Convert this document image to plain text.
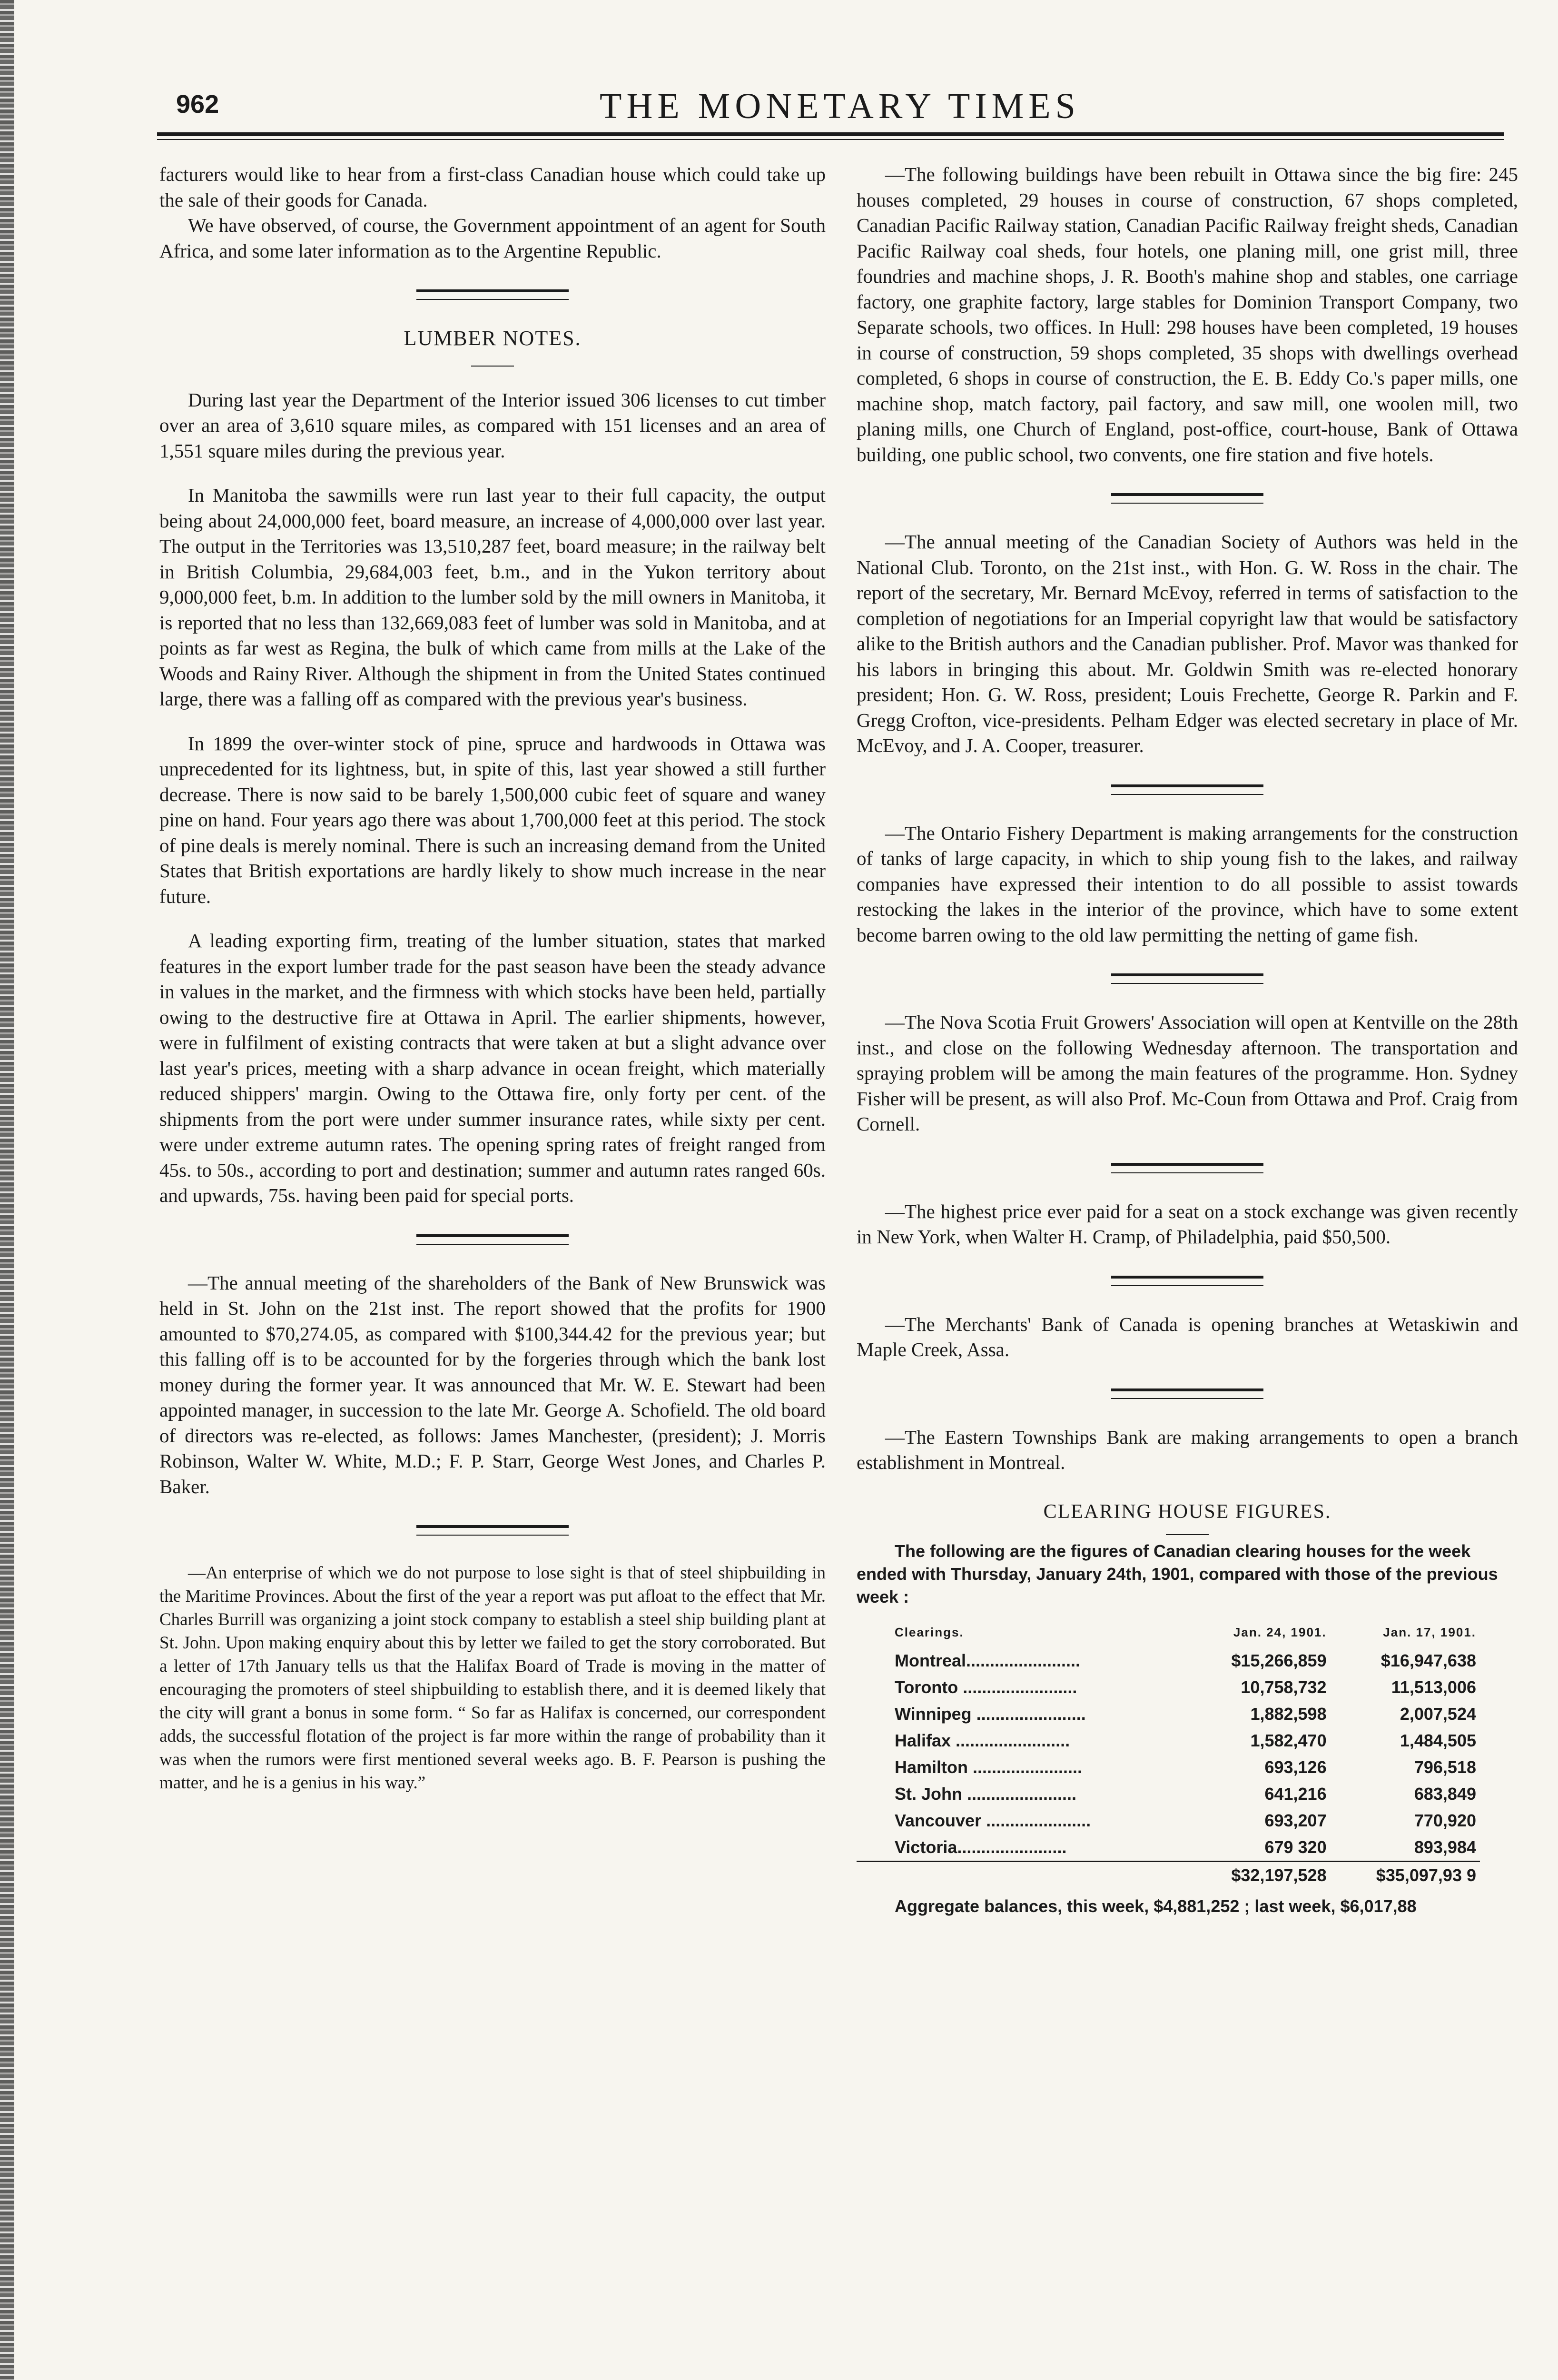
962	THE MONETARY TIMES

facturers would like to hear from a first-class Canadian house which could take up the sale of their goods for Canada.

We have observed, of course, the Government appointment of an agent for South Africa, and some later information as to the Argentine Republic.

LUMBER NOTES.

During last year the Department of the Interior issued 306 licenses to cut timber over an area of 3,610 square miles, as compared with 151 licenses and an area of 1,551 square miles during the previous year.

In Manitoba the sawmills were run last year to their full capacity, the output being about 24,000,000 feet, board measure, an increase of 4,000,000 over last year. The output in the Territories was 13,510,287 feet, board measure; in the railway belt in British Columbia, 29,684,003 feet, b.m., and in the Yukon territory about 9,000,000 feet, b.m. In addition to the lumber sold by the mill owners in Manitoba, it is reported that no less than 132,669,083 feet of lumber was sold in Manitoba, and at points as far west as Regina, the bulk of which came from mills at the Lake of the Woods and Rainy River. Although the shipment in from the United States continued large, there was a falling off as compared with the previous year's business.

In 1899 the over-winter stock of pine, spruce and hardwoods in Ottawa was unprecedented for its lightness, but, in spite of this, last year showed a still further decrease. There is now said to be barely 1,500,000 cubic feet of square and waney pine on hand. Four years ago there was about 1,700,000 feet at this period. The stock of pine deals is merely nominal. There is such an increasing demand from the United States that British exportations are hardly likely to show much increase in the near future.

A leading exporting firm, treating of the lumber situation, states that marked features in the export lumber trade for the past season have been the steady advance in values in the market, and the firmness with which stocks have been held, partially owing to the destructive fire at Ottawa in April. The earlier shipments, however, were in fulfilment of existing contracts that were taken at but a slight advance over last year's prices, meeting with a sharp advance in ocean freight, which materially reduced shippers' margin. Owing to the Ottawa fire, only forty per cent. of the shipments from the port were under summer insurance rates, while sixty per cent. were under extreme autumn rates. The opening spring rates of freight ranged from 45s. to 50s., according to port and destination; summer and autumn rates ranged 60s. and upwards, 75s. having been paid for special ports.

—The annual meeting of the shareholders of the Bank of New Brunswick was held in St. John on the 21st inst. The report showed that the profits for 1900 amounted to $70,274.05, as compared with $100,344.42 for the previous year; but this falling off is to be accounted for by the forgeries through which the bank lost money during the former year. It was announced that Mr. W. E. Stewart had been appointed manager, in succession to the late Mr. George A. Schofield. The old board of directors was re-elected, as follows: James Manchester, (president); J. Morris Robinson, Walter W. White, M.D.; F. P. Starr, George West Jones, and Charles P. Baker.

—An enterprise of which we do not purpose to lose sight is that of steel shipbuilding in the Maritime Provinces. About the first of the year a report was put afloat to the effect that Mr. Charles Burrill was organizing a joint stock company to establish a steel ship building plant at St. John. Upon making enquiry about this by letter we failed to get the story corroborated. But a letter of 17th January tells us that the Halifax Board of Trade is moving in the matter of encouraging the promoters of steel shipbuilding to establish there, and it is deemed likely that the city will grant a bonus in some form. “ So far as Halifax is concerned, our correspondent adds, the successful flotation of the project is far more within the range of probability than it was when the rumors were first mentioned several weeks ago. B. F. Pearson is pushing the matter, and he is a genius in his way.”

—The following buildings have been rebuilt in Ottawa since the big fire: 245 houses completed, 29 houses in course of construction, 67 shops completed, Canadian Pacific Railway station, Canadian Pacific Railway freight sheds, Canadian Pacific Railway coal sheds, four hotels, one planing mill, one grist mill, three foundries and machine shops, J. R. Booth's mahine shop and stables, one carriage factory, one graphite factory, large stables for Dominion Transport Company, two Separate schools, two offices. In Hull: 298 houses have been completed, 19 houses in course of construction, 59 shops completed, 35 shops with dwellings overhead completed, 6 shops in course of construction, the E. B. Eddy Co.'s paper mills, one machine shop, match factory, pail factory, and saw mill, one woolen mill, two planing mills, one Church of England, post-office, court-house, Bank of Ottawa building, one public school, two convents, one fire station and five hotels.

—The annual meeting of the Canadian Society of Authors was held in the National Club. Toronto, on the 21st inst., with Hon. G. W. Ross in the chair. The report of the secretary, Mr. Bernard McEvoy, referred in terms of satisfaction to the completion of negotiations for an Imperial copyright law that would be satisfactory alike to the British authors and the Canadian publisher. Prof. Mavor was thanked for his labors in bringing this about. Mr. Goldwin Smith was re-elected honorary president; Hon. G. W. Ross, president; Louis Frechette, George R. Parkin and F. Gregg Crofton, vice-presidents. Pelham Edger was elected secretary in place of Mr. McEvoy, and J. A. Cooper, treasurer.

—The Ontario Fishery Department is making arrangements for the construction of tanks of large capacity, in which to ship young fish to the lakes, and railway companies have expressed their intention to do all possible to assist towards restocking the lakes in the interior of the province, which have to some extent become barren owing to the old law permitting the netting of game fish.

—The Nova Scotia Fruit Growers' Association will open at Kentville on the 28th inst., and close on the following Wednesday afternoon. The transportation and spraying problem will be among the main features of the programme. Hon. Sydney Fisher will be present, as will also Prof. Mc-Coun from Ottawa and Prof. Craig from Cornell.

—The highest price ever paid for a seat on a stock exchange was given recently in New York, when Walter H. Cramp, of Philadelphia, paid $50,500.

—The Merchants' Bank of Canada is opening branches at Wetaskiwin and Maple Creek, Assa.

—The Eastern Townships Bank are making arrangements to open a branch establishment in Montreal.

CLEARING HOUSE FIGURES.

The following are the figures of Canadian clearing houses for the week ended with Thursday, January 24th, 1901, compared with those of the previous week :

Clearings.	Jan. 24, 1901.	Jan. 17, 1901.
Montreal........................	$15,266,859	$16,947,638
Toronto ........................	10,758,732	11,513,006
Winnipeg .......................	1,882,598	2,007,524
Halifax ........................	1,582,470	1,484,505
Hamilton .......................	693,126	796,518
St. John .......................	641,216	683,849
Vancouver ......................	693,207	770,920
Victoria.......................	679 320	893,984
	$32,197,528	$35,097,93 9
Aggregate balances, this week, $4,881,252 ; last week, $6,017,88
